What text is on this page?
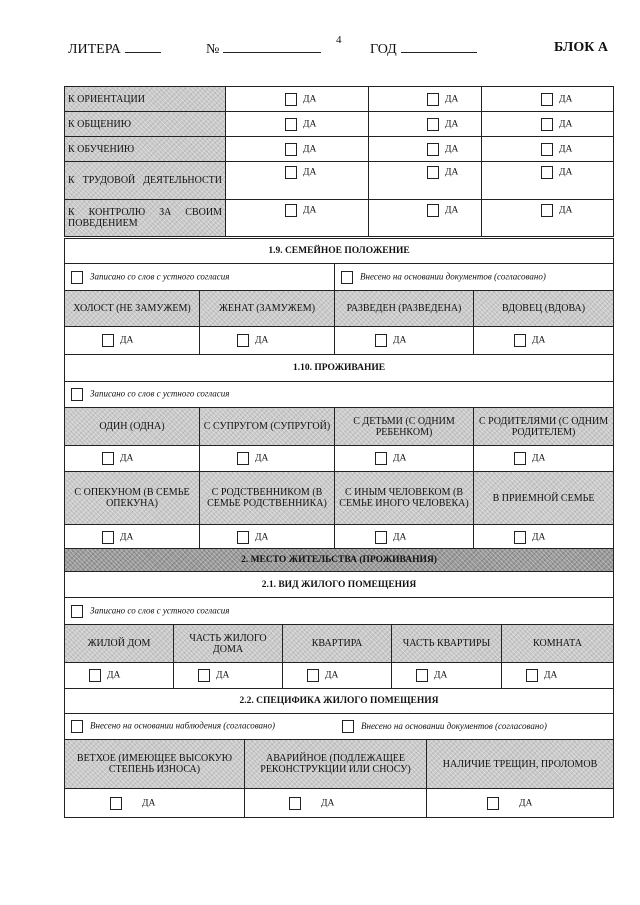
4
ЛИТЕРА	№	ГОД	БЛОК А
К ОРИЕНТАЦИИ	ДА	ДА	ДА
К ОБЩЕНИЮ	ДА	ДА	ДА
К ОБУЧЕНИЮ	ДА	ДА	ДА
К ТРУДОВОЙ ДЕЯТЕЛЬНОСТИ	ДА	ДА	ДА
К КОНТРОЛЮ ЗА СВОИМ ПОВЕДЕНИЕМ	ДА	ДА	ДА
1.9. СЕМЕЙНОЕ ПОЛОЖЕНИЕ			
Записано со слов с устного согласия		Внесено на основании документов (согласовано)	
ХОЛОСТ (НЕ ЗАМУЖЕМ)	ЖЕНАТ (ЗАМУЖЕМ)	РАЗВЕДЕН (РАЗВЕДЕНА)	ВДОВЕЦ (ВДОВА)
ДА	ДА	ДА	ДА
1.10. ПРОЖИВАНИЕ			
Записано со слов с устного согласия			
ОДИН (ОДНА)	С СУПРУГОМ (СУПРУГОЙ)	С ДЕТЬМИ (С ОДНИМ РЕБЕНКОМ)	С РОДИТЕЛЯМИ (С ОДНИМ РОДИТЕЛЕМ)
ДА	ДА	ДА	ДА
С ОПЕКУНОМ (В СЕМЬЕ ОПЕКУНА)	С РОДСТВЕННИКОМ (В СЕМЬЕ РОДСТВЕННИКА)	С ИНЫМ ЧЕЛОВЕКОМ (В СЕМЬЕ ИНОГО ЧЕЛОВЕКА)	В ПРИЕМНОЙ СЕМЬЕ
ДА	ДА	ДА	ДА
2. МЕСТО ЖИТЕЛЬСТВА (ПРОЖИВАНИЯ)				
2.1. ВИД ЖИЛОГО ПОМЕЩЕНИЯ				
Записано со слов с устного согласия				
ЖИЛОЙ ДОМ	ЧАСТЬ ЖИЛОГО ДОМА	КВАРТИРА	ЧАСТЬ КВАРТИРЫ	КОМНАТА
ДА	ДА	ДА	ДА	ДА
2.2. СПЕЦИФИКА ЖИЛОГО ПОМЕЩЕНИЯ		
Внесено на основании наблюдения (согласовано) Внесено на основании документов (согласовано)		
ВЕТХОЕ (ИМЕЮЩЕЕ ВЫСОКУЮ СТЕПЕНЬ ИЗНОСА)	АВАРИЙНОЕ (ПОДЛЕЖАЩЕЕ РЕКОНСТРУКЦИИ ИЛИ СНОСУ)	НАЛИЧИЕ ТРЕЩИН, ПРОЛОМОВ
ДА	ДА	ДА
